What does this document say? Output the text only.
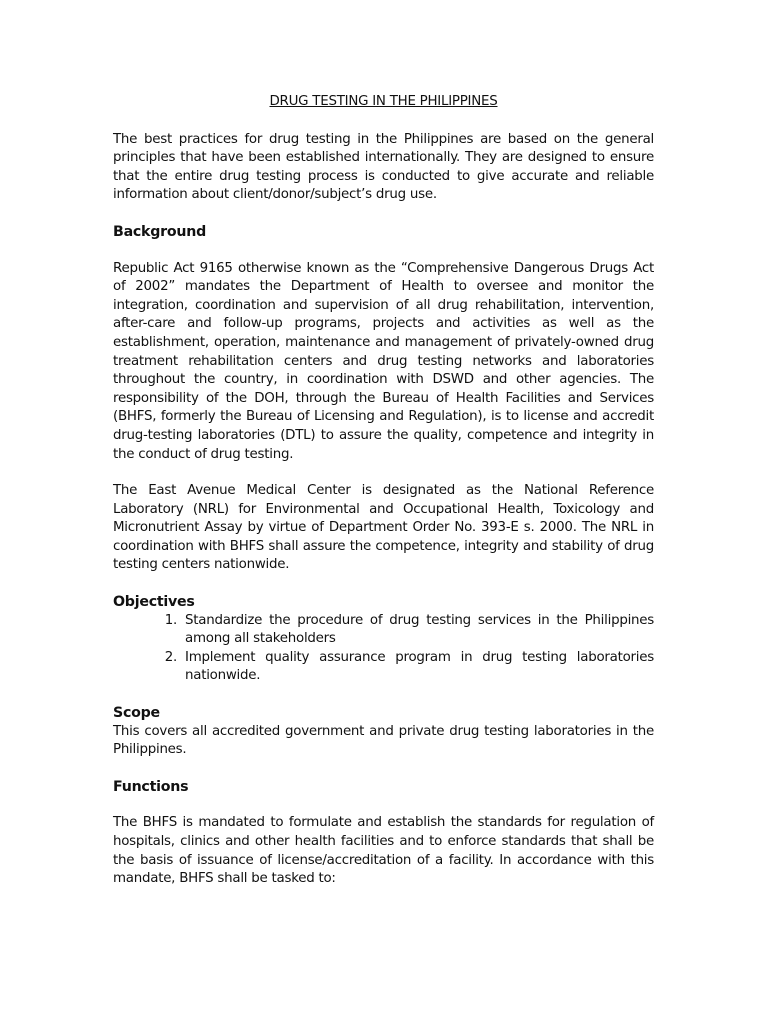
DRUG TESTING IN THE PHILIPPINES

The best practices for drug testing in the Philippines are based on the general principles that have been established internationally. They are designed to ensure that the entire drug testing process is conducted to give accurate and reliable information about client/donor/subject’s drug use.

Background

Republic Act 9165 otherwise known as the “Comprehensive Dangerous Drugs Act of 2002” mandates the Department of Health to oversee and monitor the integration, coordination and supervision of all drug rehabilitation, intervention, after-care and follow-up programs, projects and activities as well as the establishment, operation, maintenance and management of privately-owned drug treatment rehabilitation centers and drug testing networks and laboratories throughout the country, in coordination with DSWD and other agencies. The responsibility of the DOH, through the Bureau of Health Facilities and Services (BHFS, formerly the Bureau of Licensing and Regulation), is to license and accredit drug-testing laboratories (DTL) to assure the quality, competence and integrity in the conduct of drug testing.

The East Avenue Medical Center is designated as the National Reference Laboratory (NRL) for Environmental and Occupational Health, Toxicology and Micronutrient Assay by virtue of Department Order No. 393-E s. 2000. The NRL in coordination with BHFS shall assure the competence, integrity and stability of drug testing centers nationwide.

Objectives
1. Standardize the procedure of drug testing services in the Philippines among all stakeholders
2. Implement quality assurance program in drug testing laboratories nationwide.
Scope

This covers all accredited government and private drug testing laboratories in the Philippines.

Functions

The BHFS is mandated to formulate and establish the standards for regulation of hospitals, clinics and other health facilities and to enforce standards that shall be the basis of issuance of license/accreditation of a facility. In accordance with this mandate, BHFS shall be tasked to:
